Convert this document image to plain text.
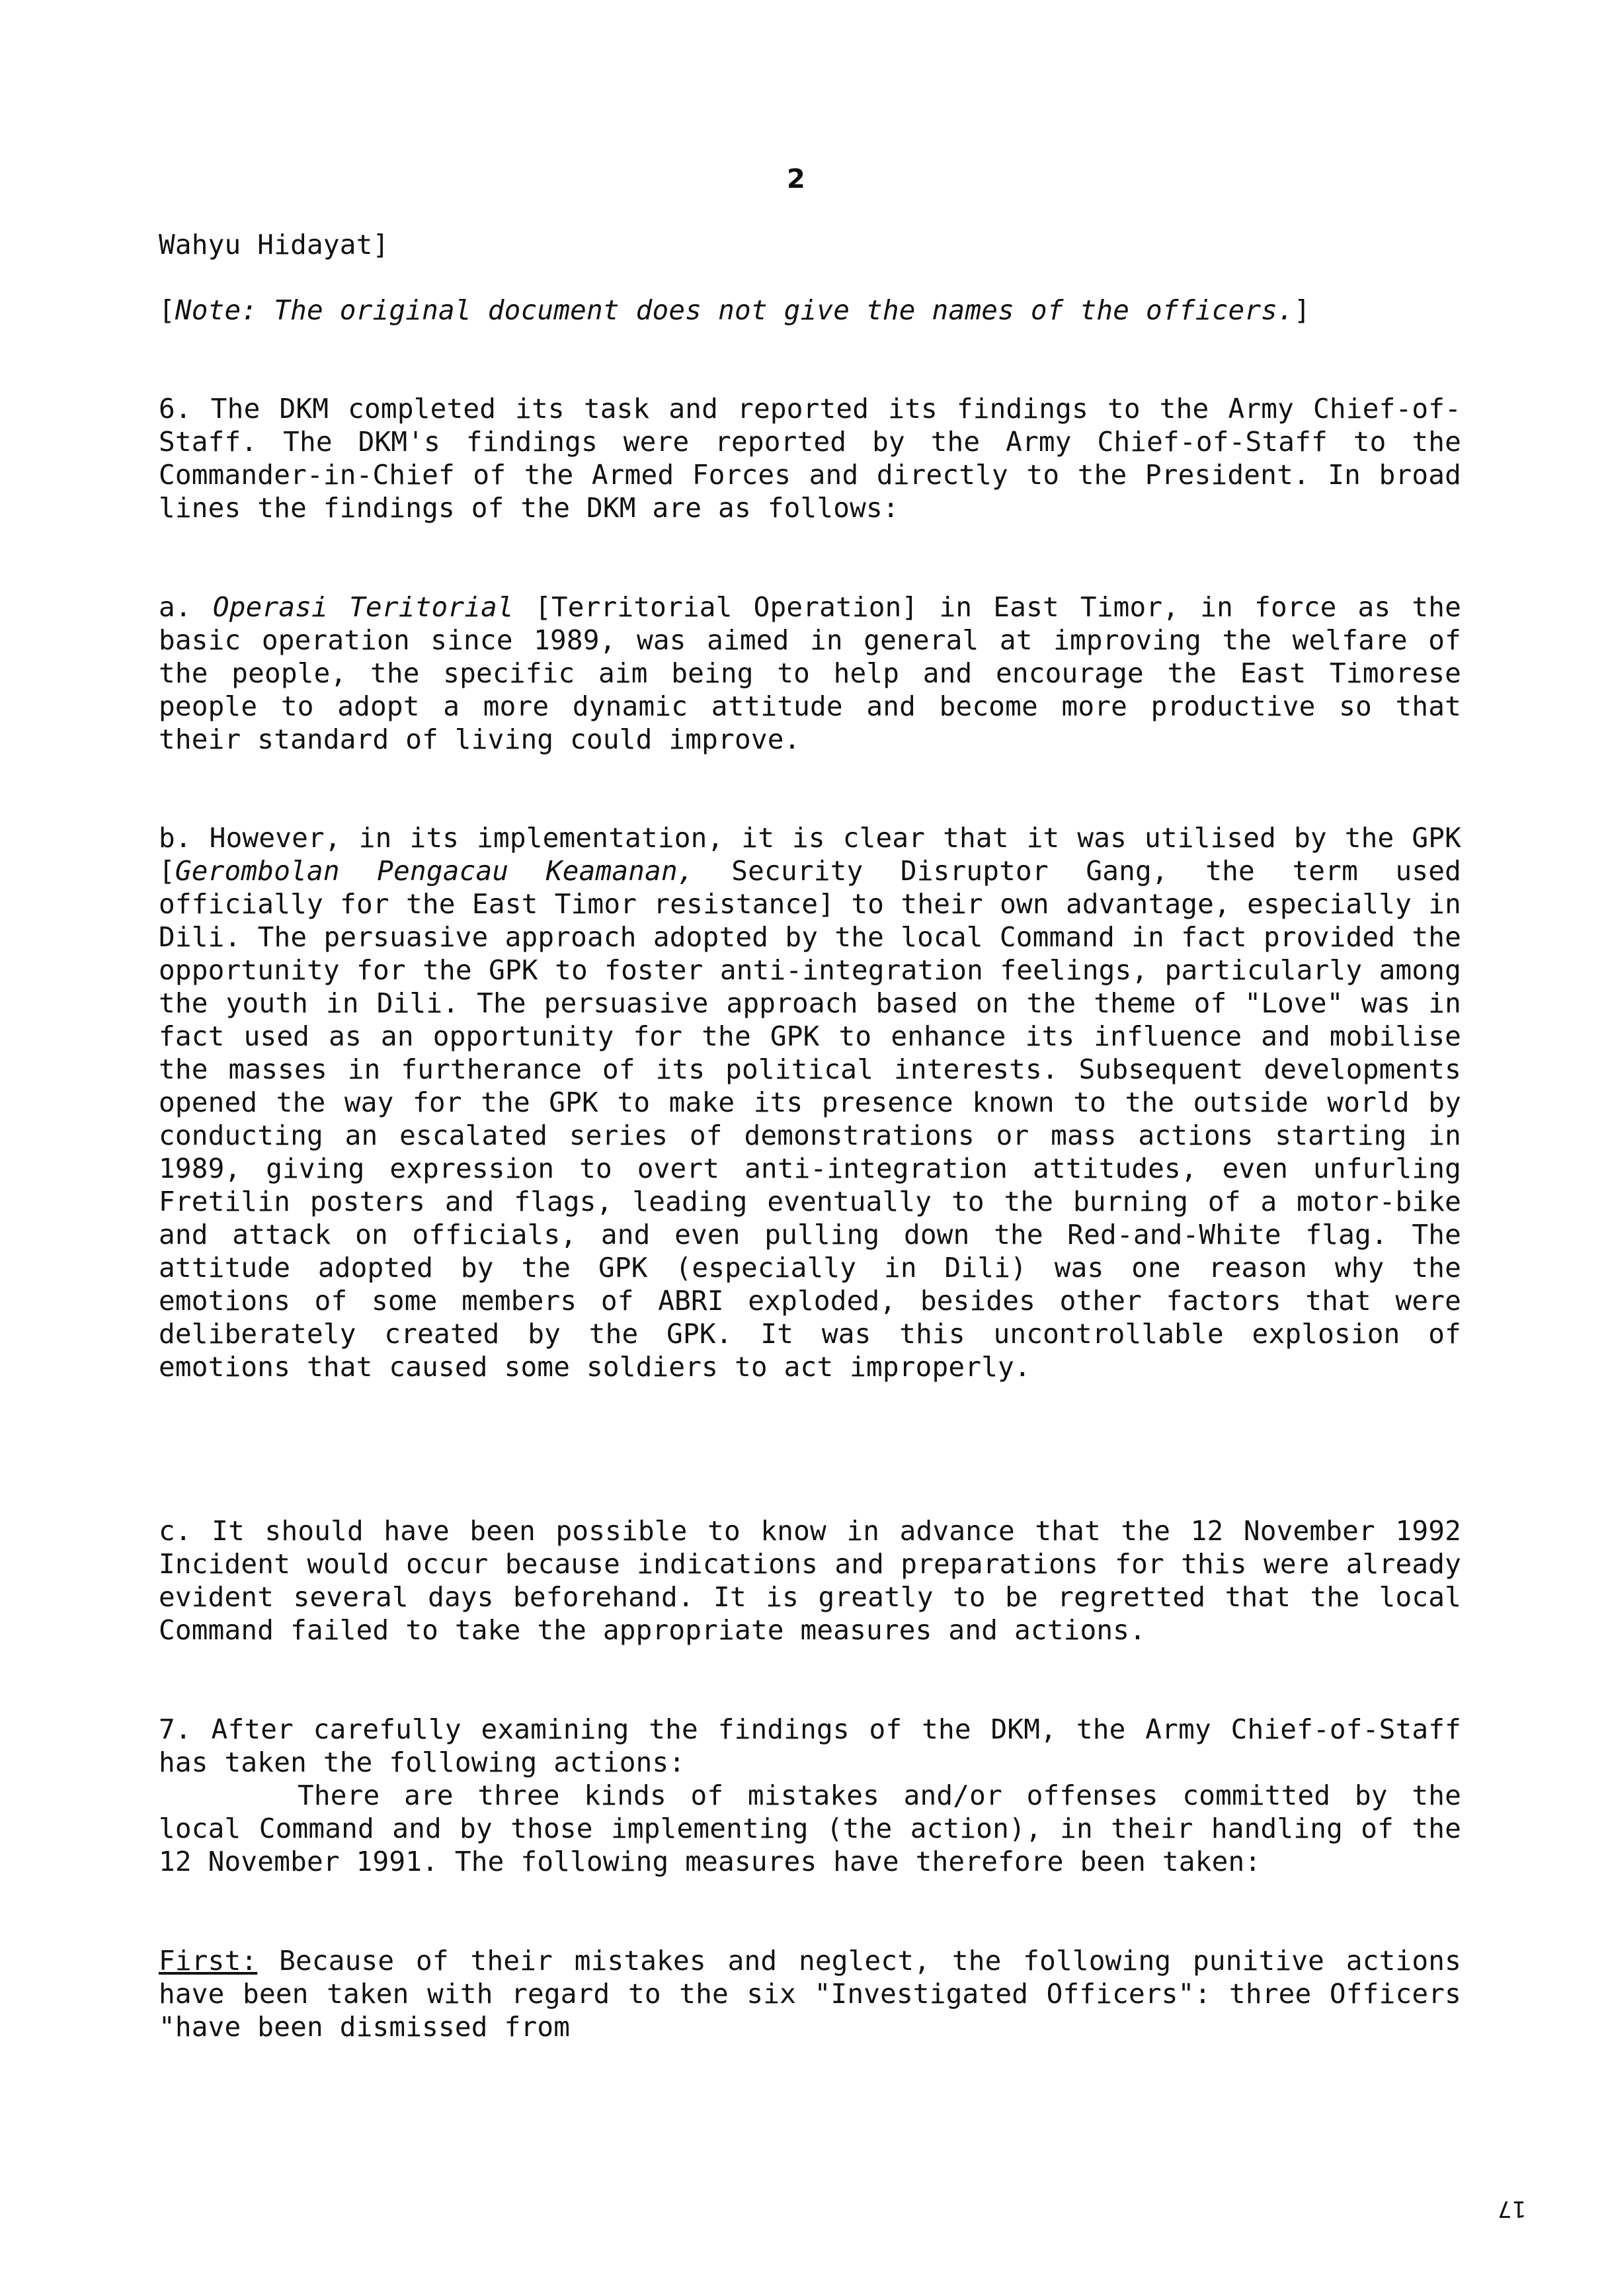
2
Wahyu Hidayat]
[Note: The original document does not give the names of the officers.]
6. The DKM completed its task and reported its findings to the Army Chief-of-Staff. The DKM's findings were reported by the Army Chief-of-Staff to the Commander-in-Chief of the Armed Forces and directly to the President. In broad lines the findings of the DKM are as follows:
a. Operasi Teritorial [Territorial Operation] in East Timor, in force as the basic operation since 1989, was aimed in general at improving the welfare of the people, the specific aim being to help and encourage the East Timorese people to adopt a more dynamic attitude and become more productive so that their standard of living could improve.
b. However, in its implementation, it is clear that it was utilised by the GPK [Gerombolan Pengacau Keamanan, Security Disruptor Gang, the term used officially for the East Timor resistance] to their own advantage, especially in Dili. The persuasive approach adopted by the local Command in fact provided the opportunity for the GPK to foster anti-integration feelings, particularly among the youth in Dili. The persuasive approach based on the theme of "Love" was in fact used as an opportunity for the GPK to enhance its influence and mobilise the masses in furtherance of its political interests. Subsequent developments opened the way for the GPK to make its presence known to the outside world by conducting an escalated series of demonstrations or mass actions starting in 1989, giving expression to overt anti-integration attitudes, even unfurling Fretilin posters and flags, leading eventually to the burning of a motor-bike and attack on officials, and even pulling down the Red-and-White flag. The attitude adopted by the GPK (especially in Dili) was one reason why the emotions of some members of ABRI exploded, besides other factors that were deliberately created by the GPK. It was this uncontrollable explosion of emotions that caused some soldiers to act improperly.
c. It should have been possible to know in advance that the 12 November 1992 Incident would occur because indications and preparations for this were already evident several days beforehand. It is greatly to be regretted that the local Command failed to take the appropriate measures and actions.
7. After carefully examining the findings of the DKM, the Army Chief-of-Staff has taken the following actions:
There are three kinds of mistakes and/or offenses committed by the local Command and by those implementing (the action), in their handling of the 12 November 1991. The following measures have therefore been taken:
First: Because of their mistakes and neglect, the following punitive actions have been taken with regard to the six "Investigated Officers": three Officers "have been dismissed from
17
